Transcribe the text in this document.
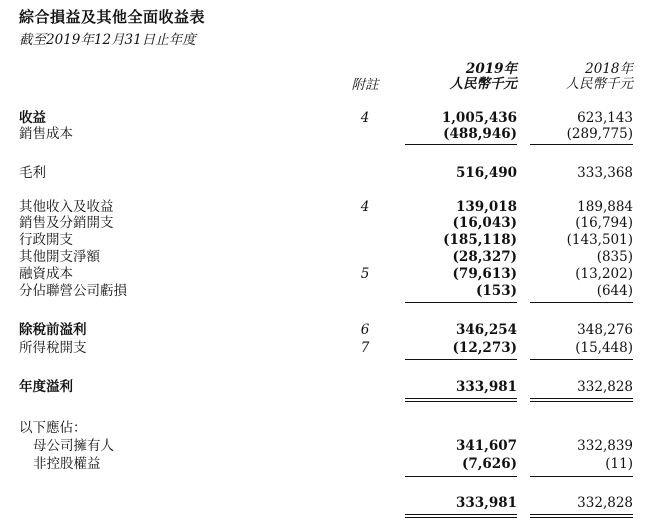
綜合損益及其他全面收益表
截至2019年12月31日止年度
附註
2019年
人民幣千元
2018年
人民幣千元
收益	4	1,005,436	623,143
銷售成本	(488,946)	(289,775)
毛利	516,490	333,368
其他收入及收益	4	139,018	189,884
銷售及分銷開支	(16,043)	(16,794)
行政開支	(185,118)	(143,501)
其他開支淨額	(28,327)	(835)
融資成本	5	(79,613)	(13,202)
分佔聯營公司虧損	(153)	(644)
除稅前溢利	6	346,254	348,276
所得稅開支	7	(12,273)	(15,448)
年度溢利	333,981	332,828
以下應佔：
母公司擁有人	341,607	332,839
非控股權益	(7,626)	(11)
333,981	332,828
